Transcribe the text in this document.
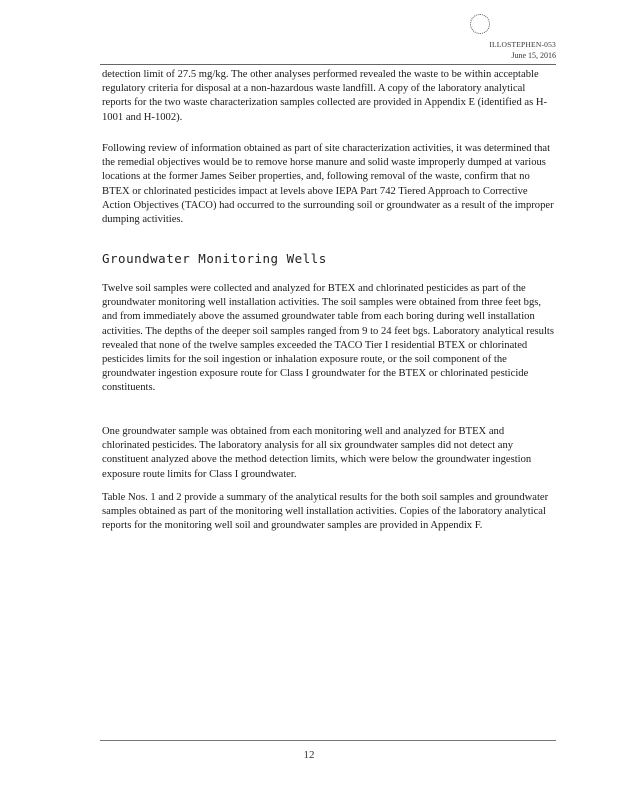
ILLOSTEPHEN-053
June 15, 2016

detection limit of 27.5 mg/kg. The other analyses performed revealed the waste to be within acceptable regulatory criteria for disposal at a non-hazardous waste landfill. A copy of the laboratory analytical reports for the two waste characterization samples collected are provided in Appendix E (identified as H-1001 and H-1002).

Following review of information obtained as part of site characterization activities, it was determined that the remedial objectives would be to remove horse manure and solid waste improperly dumped at various locations at the former James Seiber properties, and, following removal of the waste, confirm that no BTEX or chlorinated pesticides impact at levels above IEPA Part 742 Tiered Approach to Corrective Action Objectives (TACO) had occurred to the surrounding soil or groundwater as a result of the improper dumping activities.

Groundwater Monitoring Wells

Twelve soil samples were collected and analyzed for BTEX and chlorinated pesticides as part of the groundwater monitoring well installation activities. The soil samples were obtained from three feet bgs, and from immediately above the assumed groundwater table from each boring during well installation activities. The depths of the deeper soil samples ranged from 9 to 24 feet bgs. Laboratory analytical results revealed that none of the twelve samples exceeded the TACO Tier I residential BTEX or chlorinated pesticides limits for the soil ingestion or inhalation exposure route, or the soil component of the groundwater ingestion exposure route for Class I groundwater for the BTEX or chlorinated pesticide constituents.

One groundwater sample was obtained from each monitoring well and analyzed for BTEX and chlorinated pesticides. The laboratory analysis for all six groundwater samples did not detect any constituent analyzed above the method detection limits, which were below the groundwater ingestion exposure route limits for Class I groundwater.

Table Nos. 1 and 2 provide a summary of the analytical results for the both soil samples and groundwater samples obtained as part of the monitoring well installation activities. Copies of the laboratory analytical reports for the monitoring well soil and groundwater samples are provided in Appendix F.

12
